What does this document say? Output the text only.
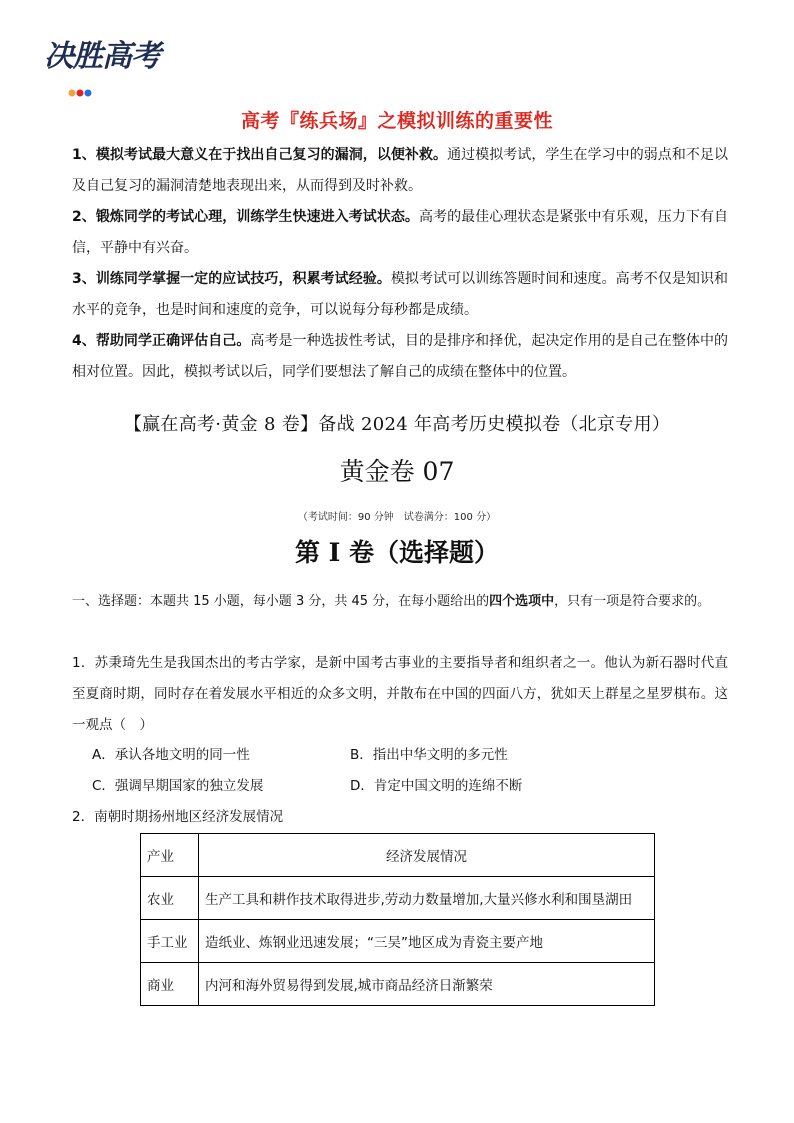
决胜高考
高考『练兵场』之模拟训练的重要性

1、模拟考试最大意义在于找出自己复习的漏洞，以便补救。通过模拟考试，学生在学习中的弱点和不足以及自己复习的漏洞清楚地表现出来，从而得到及时补救。

2、锻炼同学的考试心理，训练学生快速进入考试状态。高考的最佳心理状态是紧张中有乐观，压力下有自信，平静中有兴奋。

3、训练同学掌握一定的应试技巧，积累考试经验。模拟考试可以训练答题时间和速度。高考不仅是知识和水平的竞争，也是时间和速度的竞争，可以说每分每秒都是成绩。

4、帮助同学正确评估自己。高考是一种选拔性考试，目的是排序和择优，起决定作用的是自己在整体中的相对位置。因此，模拟考试以后，同学们要想法了解自己的成绩在整体中的位置。

【赢在高考·黄金 8 卷】备战 2024 年高考历史模拟卷（北京专用）
黄金卷 07
（考试时间：90 分钟　试卷满分：100 分）
第 I 卷（选择题）
一、选择题：本题共 15 小题，每小题 3 分，共 45 分，在每小题给出的四个选项中，只有一项是符合要求的。
1．苏秉琦先生是我国杰出的考古学家，是新中国考古事业的主要指导者和组织者之一。他认为新石器时代直至夏商时期，同时存在着发展水平相近的众多文明，并散布在中国的四面八方，犹如天上群星之星罗棋布。这一观点（　）
A．承认各地文明的同一性	B．指出中华文明的多元性
C．强调早期国家的独立发展	D．肯定中国文明的连绵不断
2．南朝时期扬州地区经济发展情况
产业	经济发展情况
农业	生产工具和耕作技术取得进步,劳动力数量增加,大量兴修水利和围垦湖田
手工业	造纸业、炼钢业迅速发展；“三吴”地区成为青瓷主要产地
商业	内河和海外贸易得到发展,城市商品经济日渐繁荣
